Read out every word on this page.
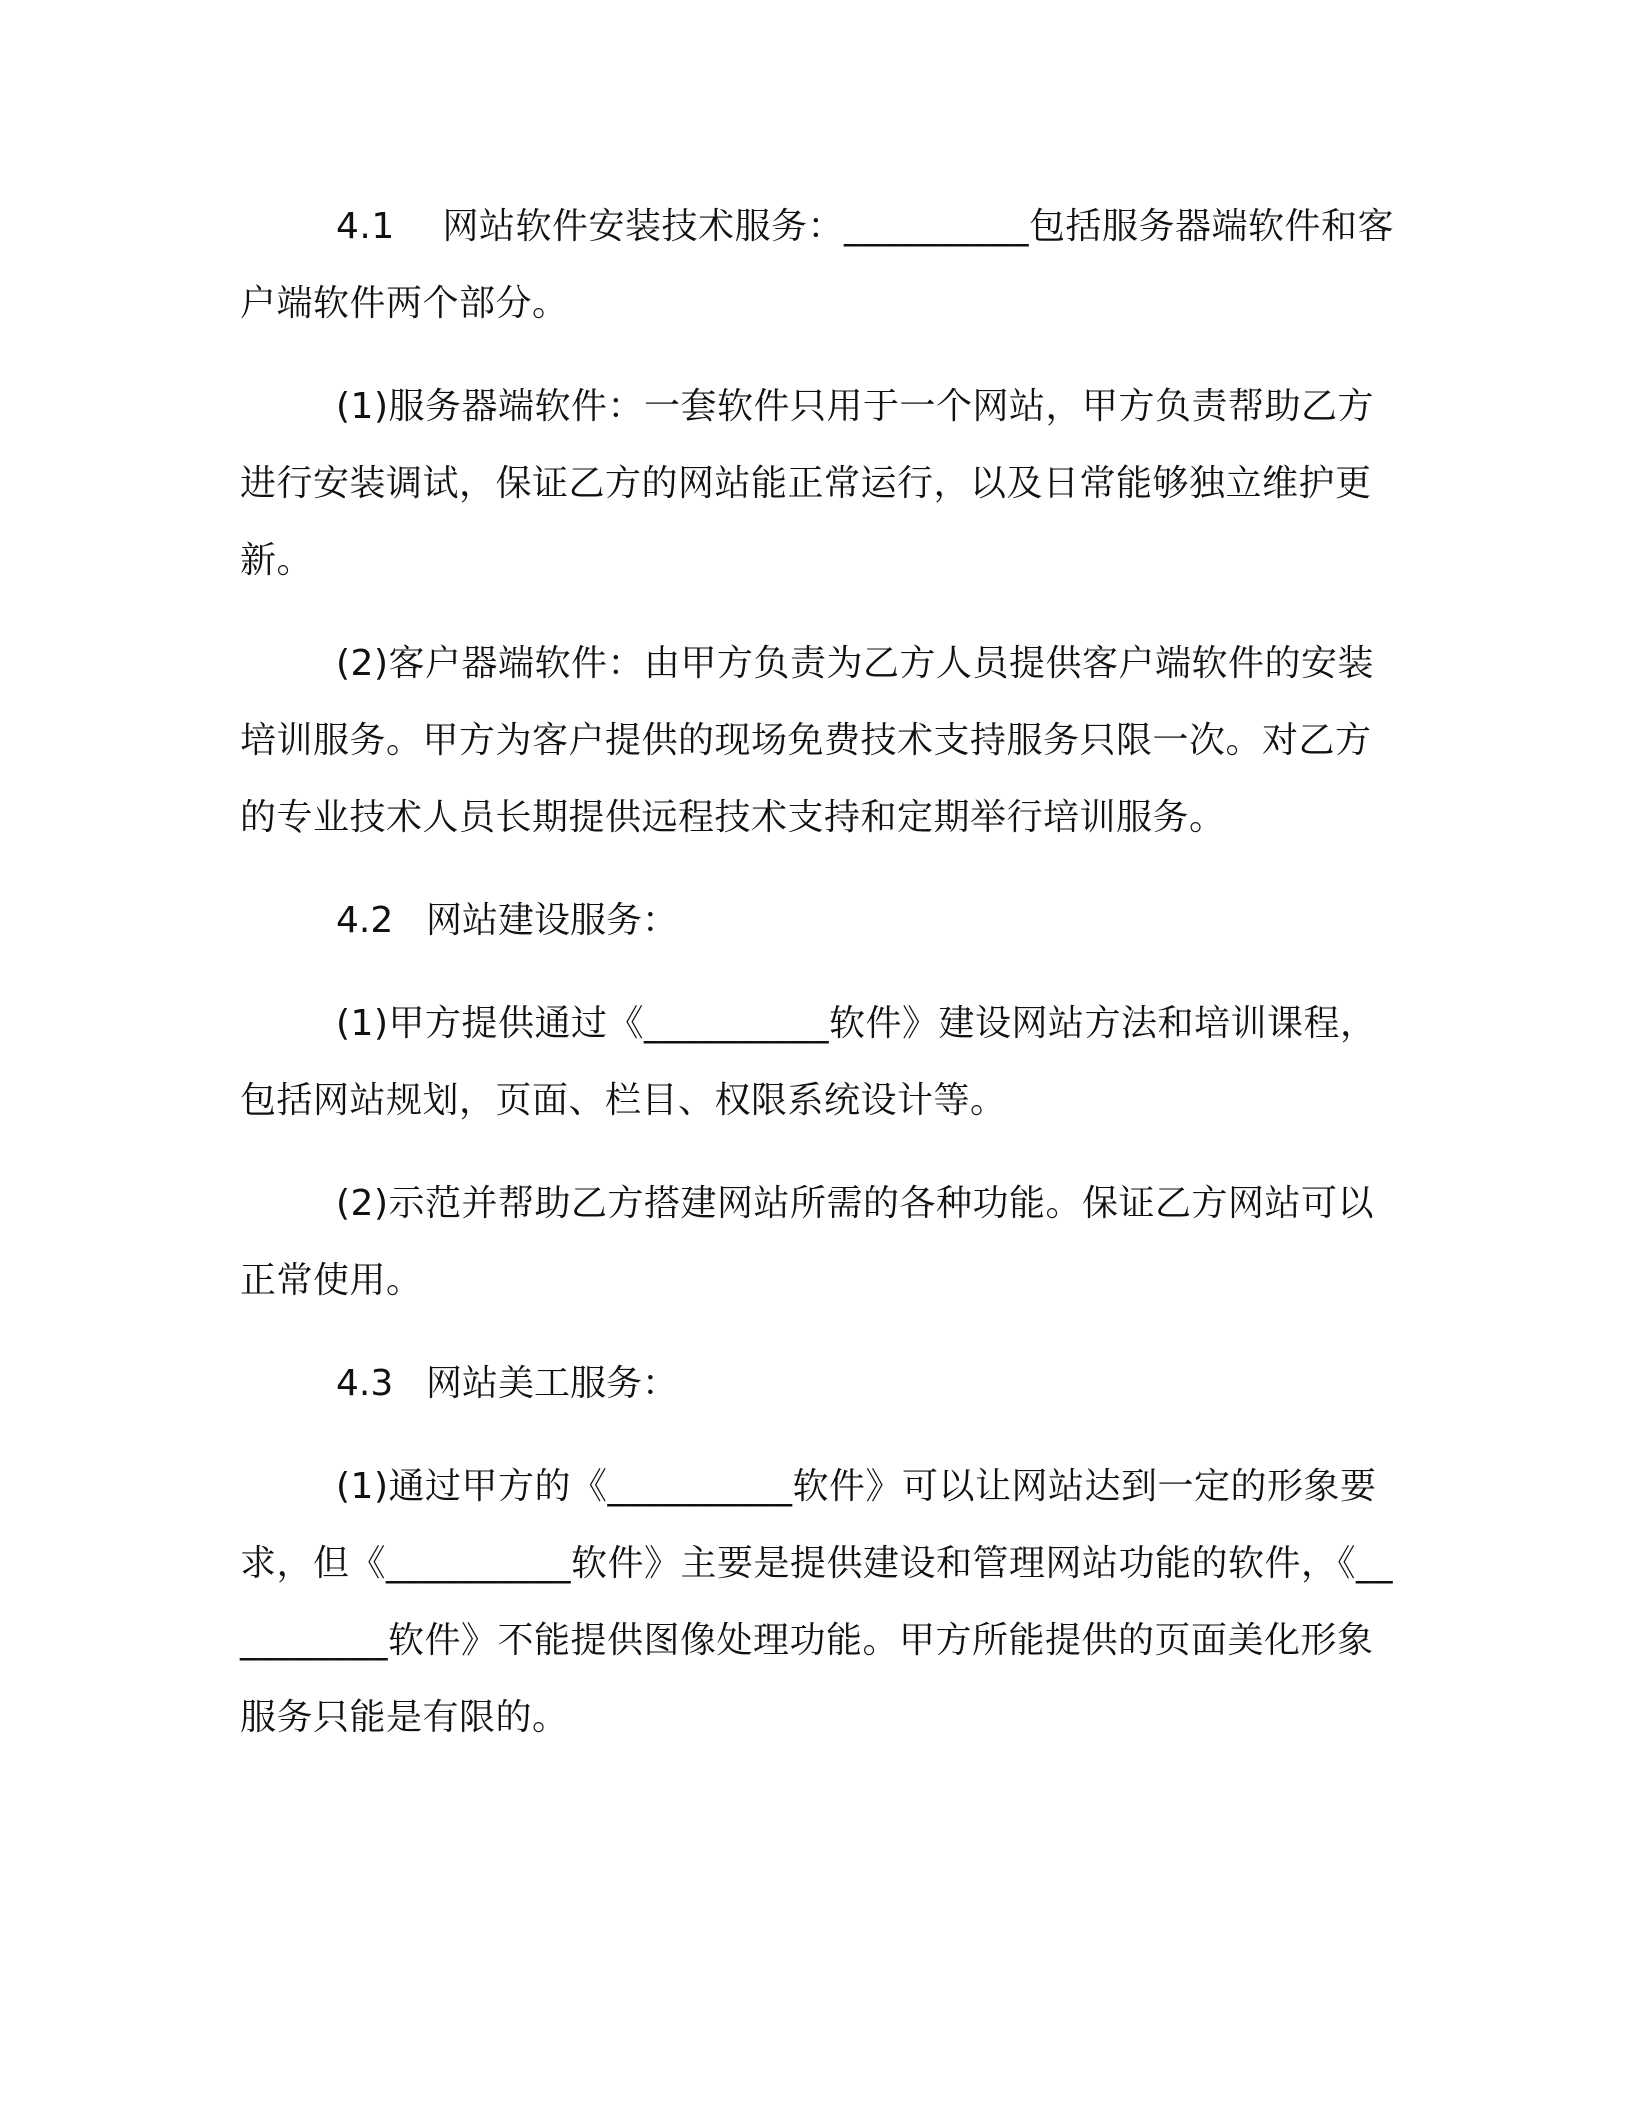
4.1 网站软件安装技术服务：__________包括服务器端软件和客户端软件两个部分。

(1)服务器端软件：一套软件只用于一个网站，甲方负责帮助乙方进行安装调试，保证乙方的网站能正常运行，以及日常能够独立维护更新。

(2)客户器端软件：由甲方负责为乙方人员提供客户端软件的安装培训服务。甲方为客户提供的现场免费技术支持服务只限一次。对乙方的专业技术人员长期提供远程技术支持和定期举行培训服务。

4.2 网站建设服务：

(1)甲方提供通过《__________软件》建设网站方法和培训课程，包括网站规划，页面、栏目、权限系统设计等。

(2)示范并帮助乙方搭建网站所需的各种功能。保证乙方网站可以正常使用。

4.3 网站美工服务：

(1)通过甲方的《__________软件》可以让网站达到一定的形象要求，但《__________软件》主要是提供建设和管理网站功能的软件，《__________软件》不能提供图像处理功能。甲方所能提供的页面美化形象服务只能是有限的。
